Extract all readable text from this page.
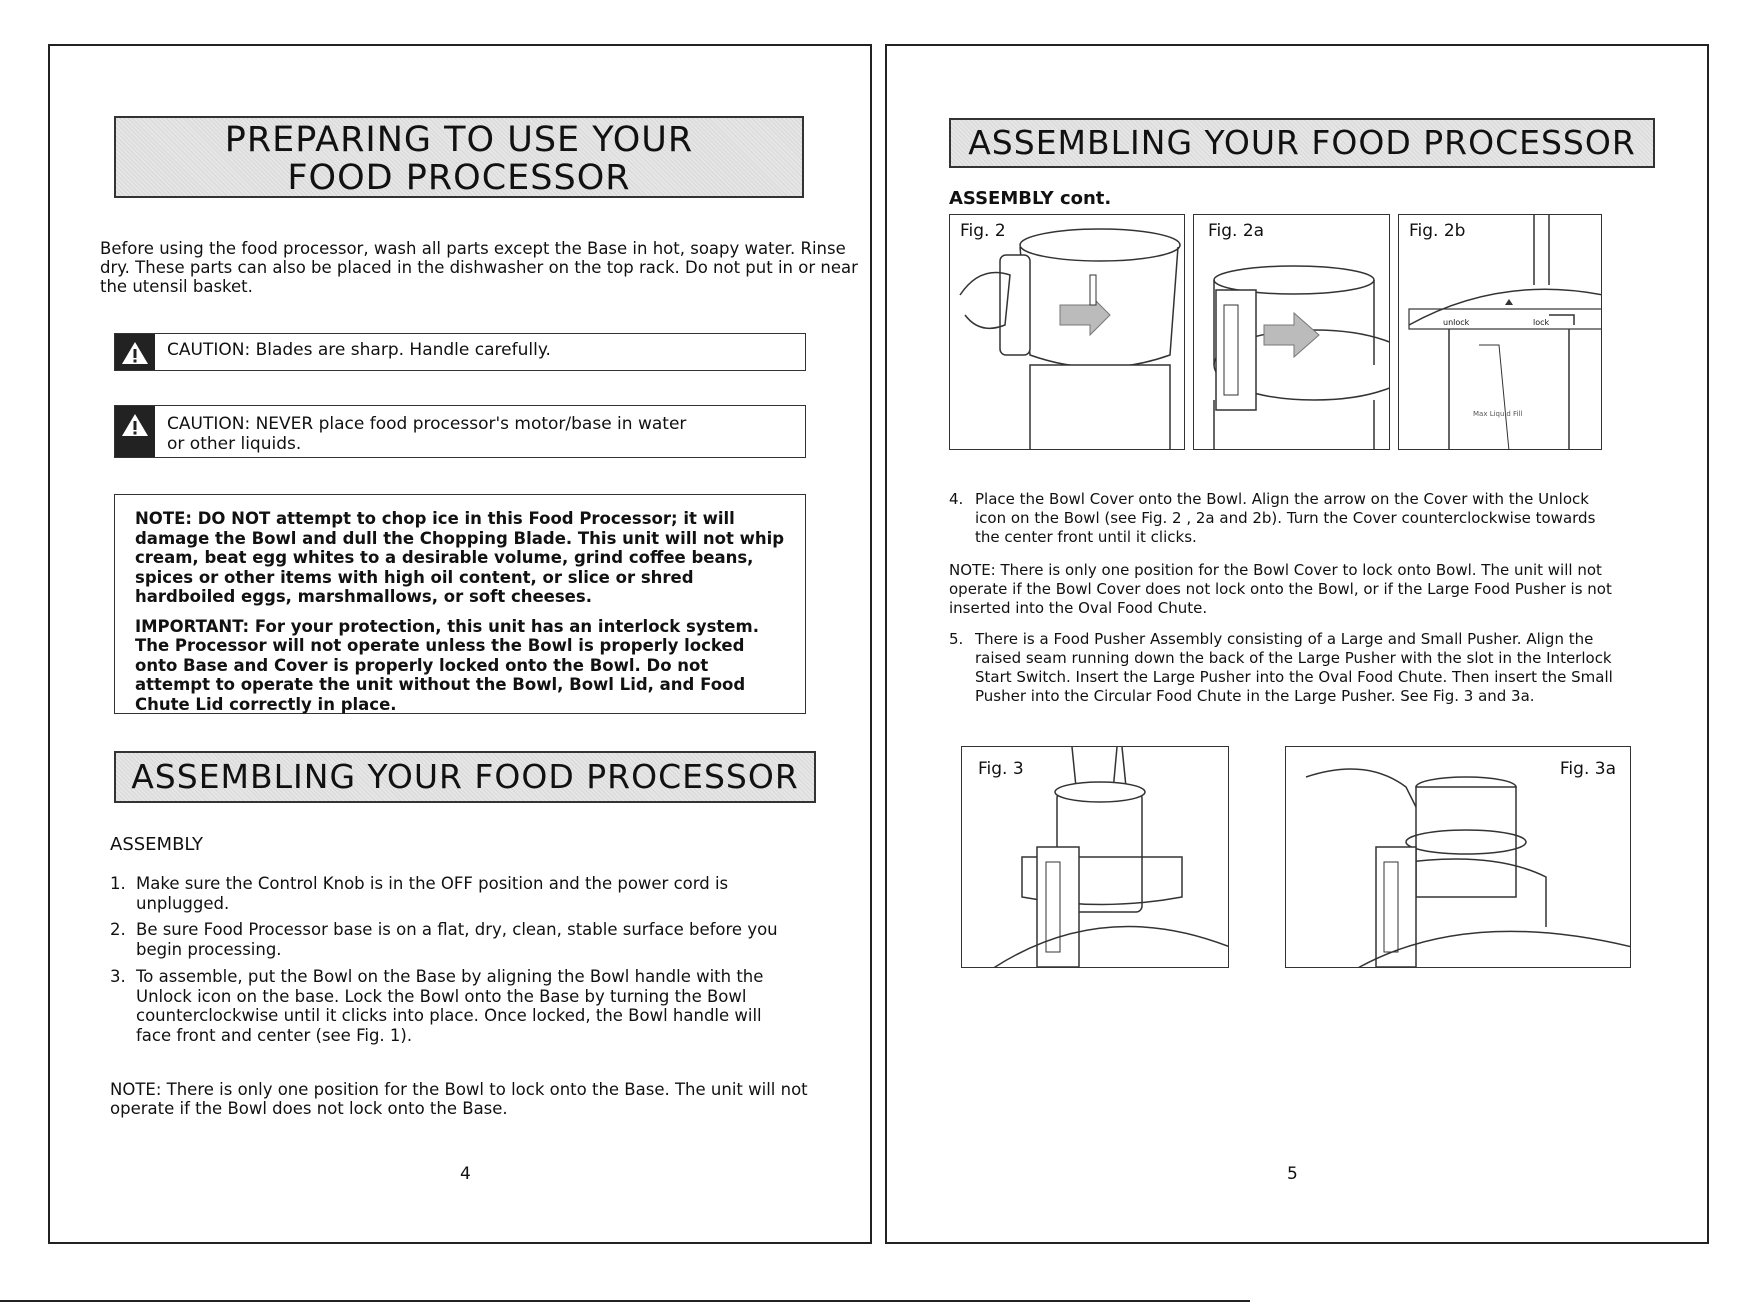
PREPARING TO USE YOUR
FOOD PROCESSOR

Before using the food processor, wash all parts except the Base in hot, soapy water. Rinse dry. These parts can also be placed in the dishwasher on the top rack. Do not put in or near the utensil basket.

CAUTION: Blades are sharp. Handle carefully.
CAUTION: NEVER place food processor's motor/base in water
or other liquids.

NOTE: DO NOT attempt to chop ice in this Food Processor; it will damage the Bowl and dull the Chopping Blade. This unit will not whip cream, beat egg whites to a desirable volume, grind coffee beans, spices or other items with high oil content, or slice or shred hardboiled eggs, marshmallows, or soft cheeses.

IMPORTANT: For your protection, this unit has an interlock system. The Processor will not operate unless the Bowl is properly locked onto Base and Cover is properly locked onto the Bowl. Do not attempt to operate the unit without the Bowl, Bowl Lid, and Food Chute Lid correctly in place.

ASSEMBLING YOUR FOOD PROCESSOR

ASSEMBLY

1. Make sure the Control Knob is in the OFF position and the power cord is unplugged.
2. Be sure Food Processor base is on a flat, dry, clean, stable surface before you begin processing.
3. To assemble, put the Bowl on the Base by aligning the Bowl handle with the Unlock icon on the base. Lock the Bowl onto the Base by turning the Bowl counterclockwise until it clicks into place. Once locked, the Bowl handle will face front and center (see Fig. 1).

NOTE: There is only one position for the Bowl to lock onto the Base. The unit will not operate if the Bowl does not lock onto the Base.

4
ASSEMBLING YOUR FOOD PROCESSOR

ASSEMBLY cont.

Fig. 2	Fig. 2a	Fig. 2b
unlock	lock
Max Liquid Fill
4. Place the Bowl Cover onto the Bowl. Align the arrow on the Cover with the Unlock icon on the Bowl (see Fig. 2 , 2a and 2b). Turn the Cover counterclockwise towards the center front until it clicks.

NOTE: There is only one position for the Bowl Cover to lock onto Bowl. The unit will not operate if the Bowl Cover does not lock onto the Bowl, or if the Large Food Pusher is not inserted into the Oval Food Chute.

5. There is a Food Pusher Assembly consisting of a Large and Small Pusher. Align the raised seam running down the back of the Large Pusher with the slot in the Interlock Start Switch. Insert the Large Pusher into the Oval Food Chute. Then insert the Small Pusher into the Circular Food Chute in the Large Pusher. See Fig. 3 and 3a.
Fig. 3	Fig. 3a
5
